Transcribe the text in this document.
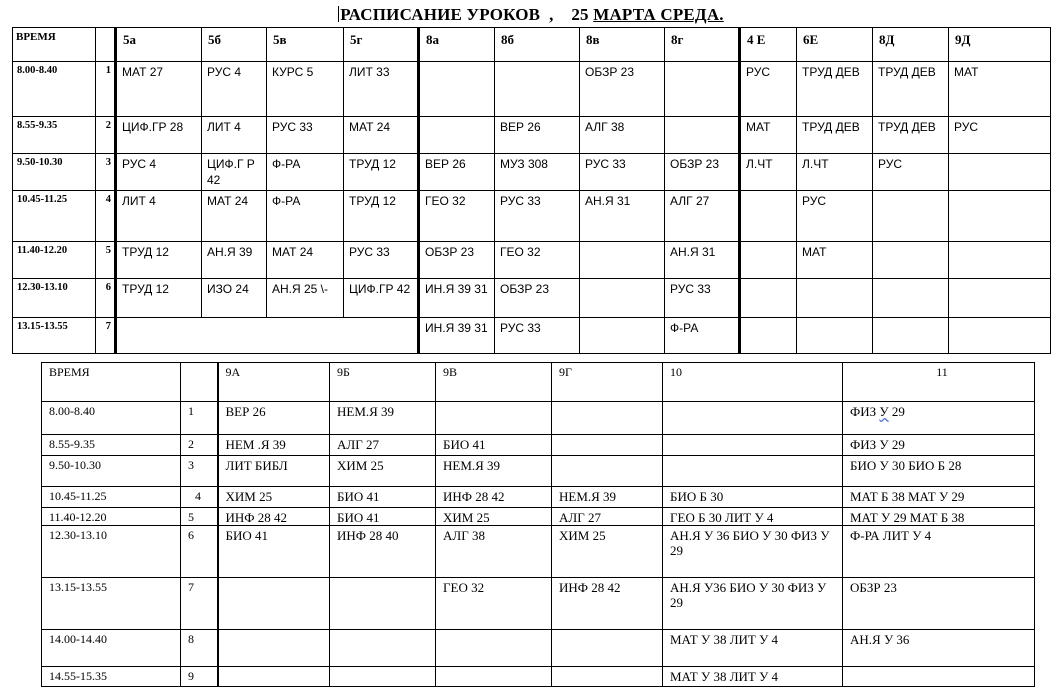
РАСПИСАНИЕ УРОКОВ  ,    25 МАРТА СРЕДА.
ВРЕМЯ		5а	5б	5в	5г	8а	8б	8в	8г	4 Е	6Е	8Д	9Д
8.00-8.40	1	МАТ 27	РУС 4	КУРС 5	ЛИТ 33			ОБЗР 23		РУС	ТРУД ДЕВ	ТРУД ДЕВ	МАТ
8.55-9.35	2	ЦИФ.ГР 28	ЛИТ 4	РУС 33	МАТ 24		ВЕР 26	АЛГ 38		МАТ	ТРУД ДЕВ	ТРУД ДЕВ	РУС
9.50-10.30	3	РУС 4	ЦИФ.Г Р 42	Ф-РА	ТРУД 12	ВЕР 26	МУЗ 308	РУС 33	ОБЗР 23	Л.ЧТ	Л.ЧТ	РУС	
10.45-11.25	4	ЛИТ 4	МАТ 24	Ф-РА	ТРУД 12	ГЕО 32	РУС 33	АН.Я 31	АЛГ 27		РУС		
11.40-12.20	5	ТРУД 12	АН.Я 39	МАТ 24	РУС 33	ОБЗР 23	ГЕО 32		АН.Я 31		МАТ		
12.30-13.10	6	ТРУД 12	ИЗО 24	АН.Я 25 \-	ЦИФ.ГР 42	ИН.Я 39 31	ОБЗР 23		РУС 33				
13.15-13.55	7					ИН.Я 39 31	РУС 33		Ф-РА				
ВРЕМЯ		9А	9Б	9В	9Г	10	11
8.00-8.40	1	ВЕР 26	НЕМ.Я 39				ФИЗ У 29
8.55-9.35	2	НЕМ .Я 39	АЛГ 27	БИО 41			ФИЗ У 29
9.50-10.30	3	ЛИТ БИБЛ	ХИМ 25	НЕМ.Я 39			БИО У 30 БИО Б 28
10.45-11.25	4	ХИМ 25	БИО 41	ИНФ 28 42	НЕМ.Я 39	БИО Б 30	МАТ Б 38 МАТ У 29
11.40-12.20	5	ИНФ 28 42	БИО 41	ХИМ 25	АЛГ 27	ГЕО Б 30 ЛИТ У 4	МАТ У 29 МАТ Б 38
12.30-13.10	6	БИО 41	ИНФ 28 40	АЛГ 38	ХИМ 25	АН.Я У 36 БИО У 30 ФИЗ У 29	Ф-РА ЛИТ У 4
13.15-13.55	7			ГЕО 32	ИНФ 28 42	АН.Я У36 БИО У 30 ФИЗ У 29	ОБЗР 23
14.00-14.40	8					МАТ У 38 ЛИТ У 4	АН.Я У 36
14.55-15.35	9					МАТ У 38 ЛИТ У 4	
